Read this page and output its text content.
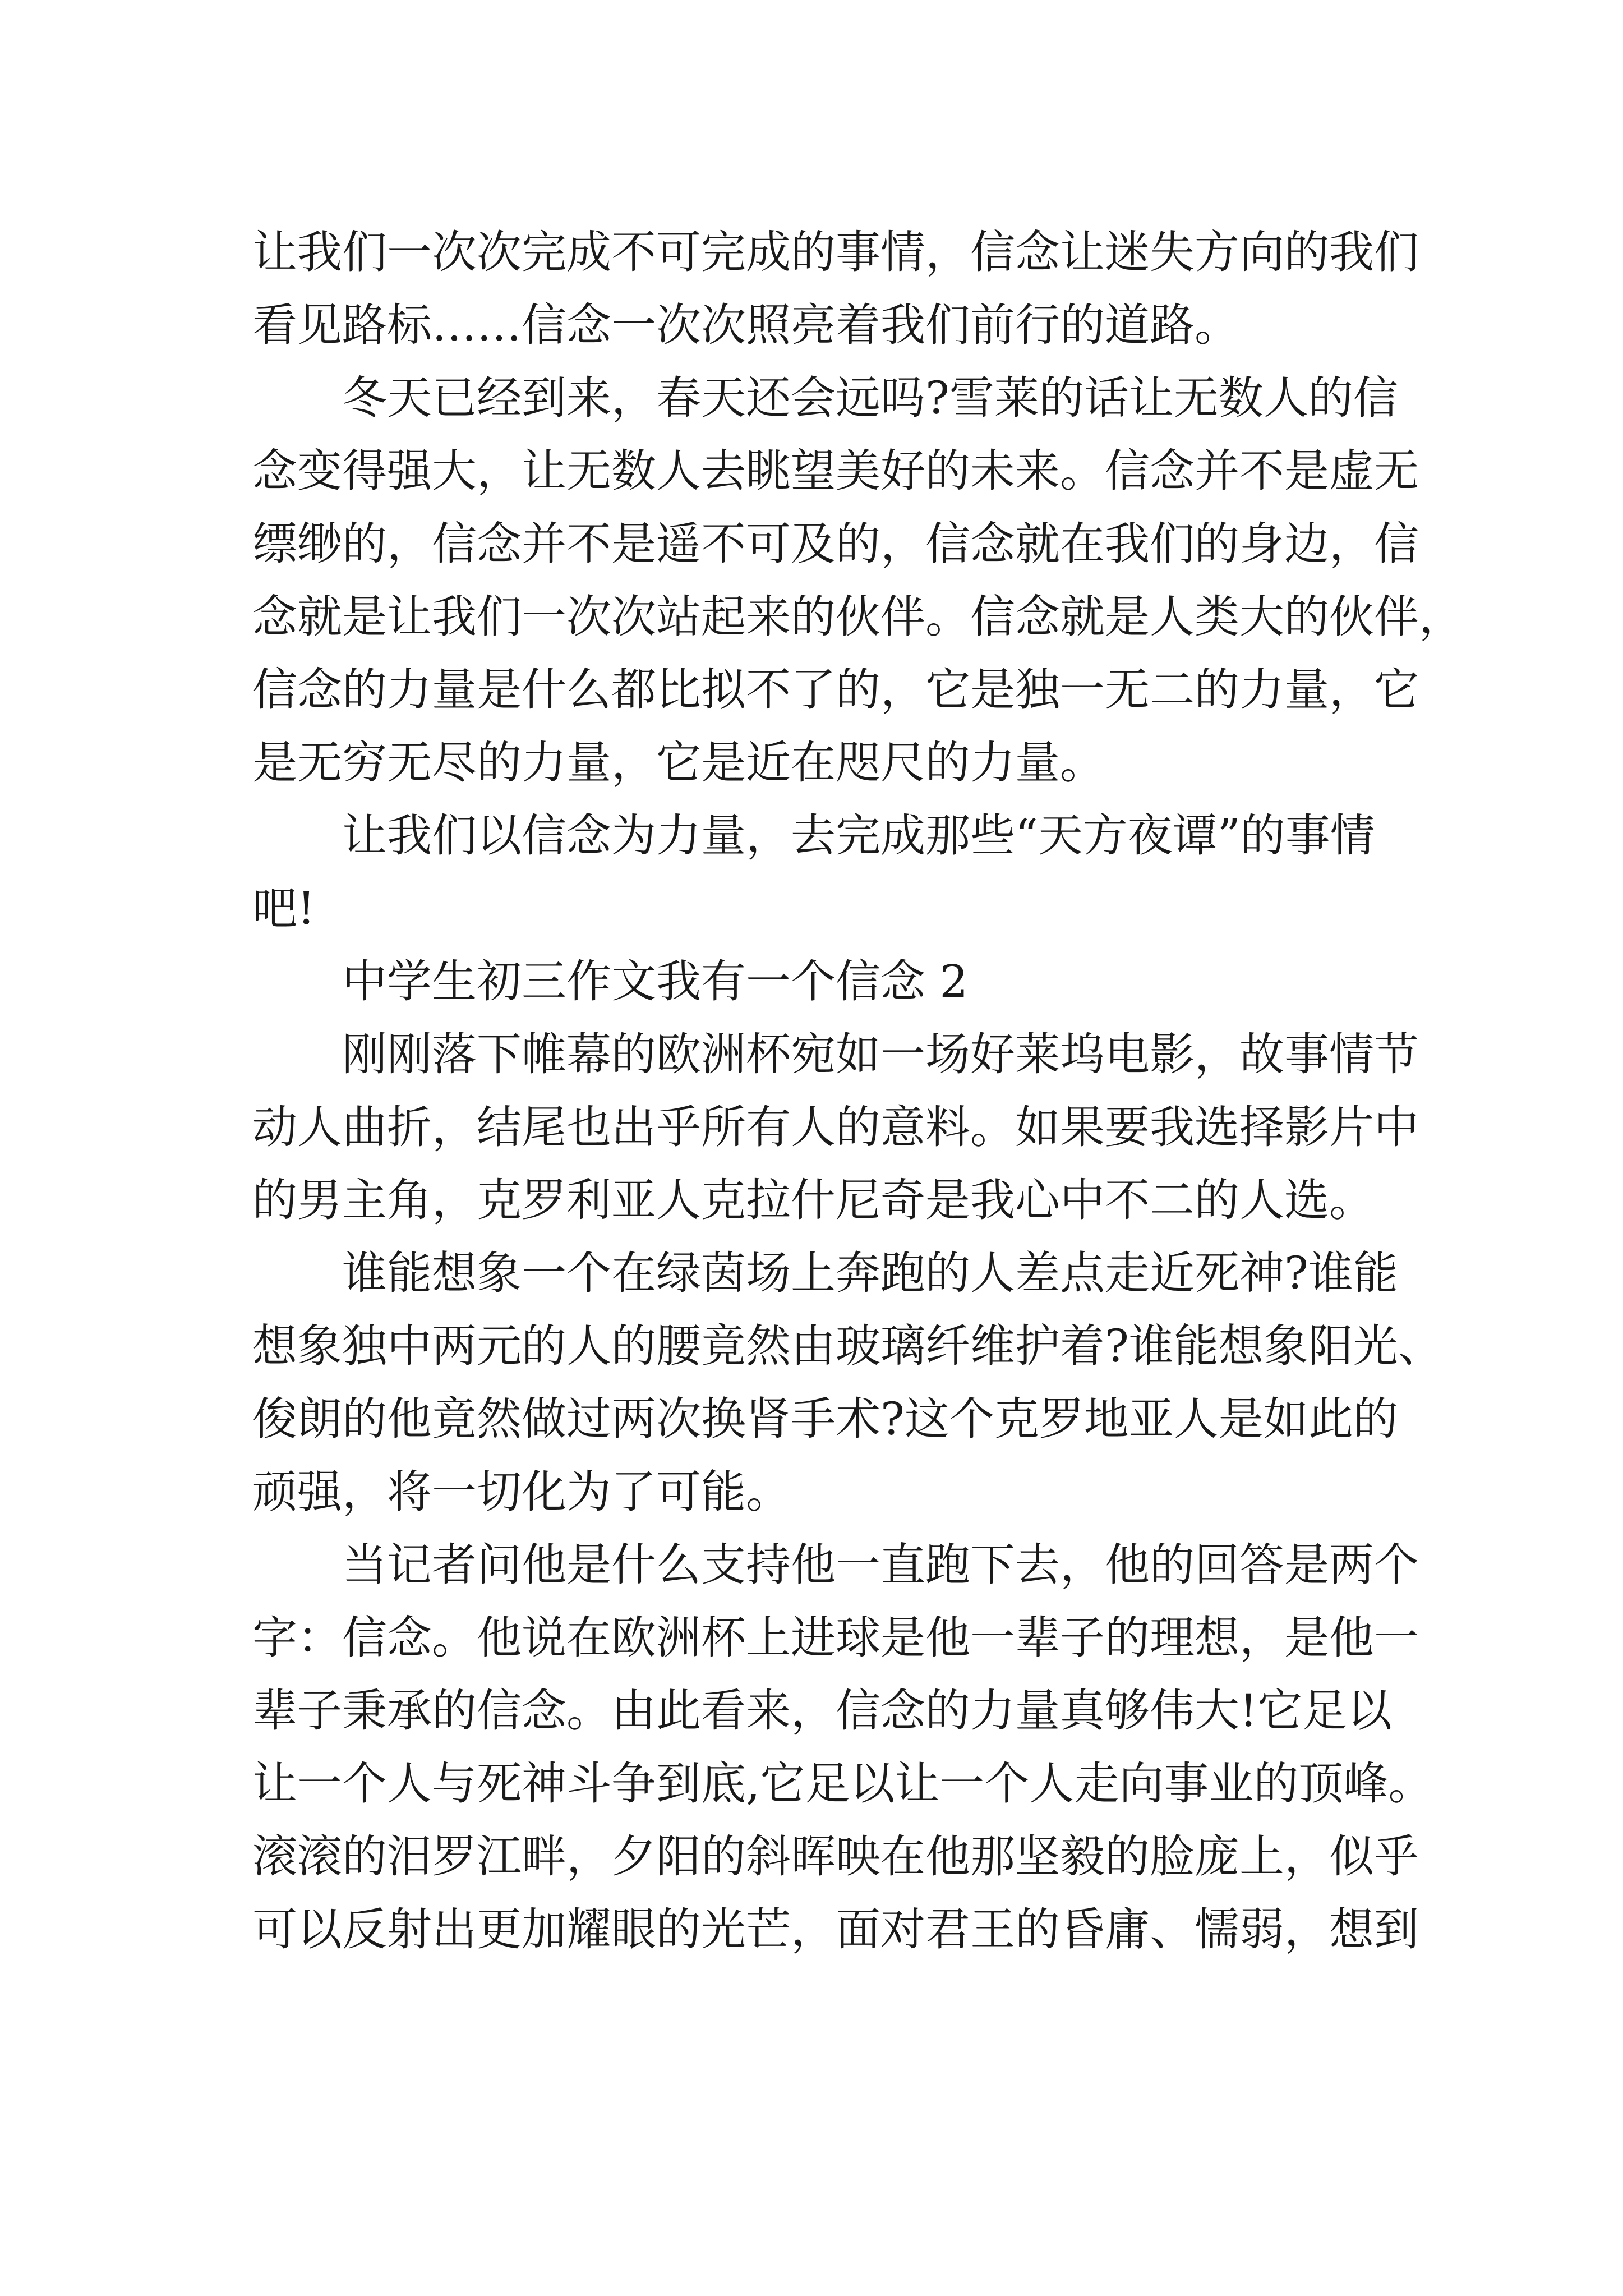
让我们一次次完成不可完成的事情，信念让迷失方向的我们

看见路标……信念一次次照亮着我们前行的道路。

冬天已经到来，春天还会远吗?雪莱的话让无数人的信

念变得强大，让无数人去眺望美好的未来。信念并不是虚无

缥缈的，信念并不是遥不可及的，信念就在我们的身边，信

念就是让我们一次次站起来的伙伴。信念就是人类大的伙伴，

信念的力量是什么都比拟不了的，它是独一无二的力量，它

是无穷无尽的力量，它是近在咫尺的力量。

让我们以信念为力量，去完成那些“天方夜谭”的事情

吧!

中学生初三作文我有一个信念 2

刚刚落下帷幕的欧洲杯宛如一场好莱坞电影，故事情节

动人曲折，结尾也出乎所有人的意料。如果要我选择影片中

的男主角，克罗利亚人克拉什尼奇是我心中不二的人选。

谁能想象一个在绿茵场上奔跑的人差点走近死神?谁能

想象独中两元的人的腰竟然由玻璃纤维护着?谁能想象阳光、

俊朗的他竟然做过两次换肾手术?这个克罗地亚人是如此的

顽强，将一切化为了可能。

当记者问他是什么支持他一直跑下去，他的回答是两个

字：信念。他说在欧洲杯上进球是他一辈子的理想，是他一

辈子秉承的信念。由此看来，信念的力量真够伟大!它足以

让一个人与死神斗争到底,它足以让一个人走向事业的顶峰。

滚滚的汨罗江畔，夕阳的斜晖映在他那坚毅的脸庞上，似乎

可以反射出更加耀眼的光芒，面对君王的昏庸、懦弱，想到
